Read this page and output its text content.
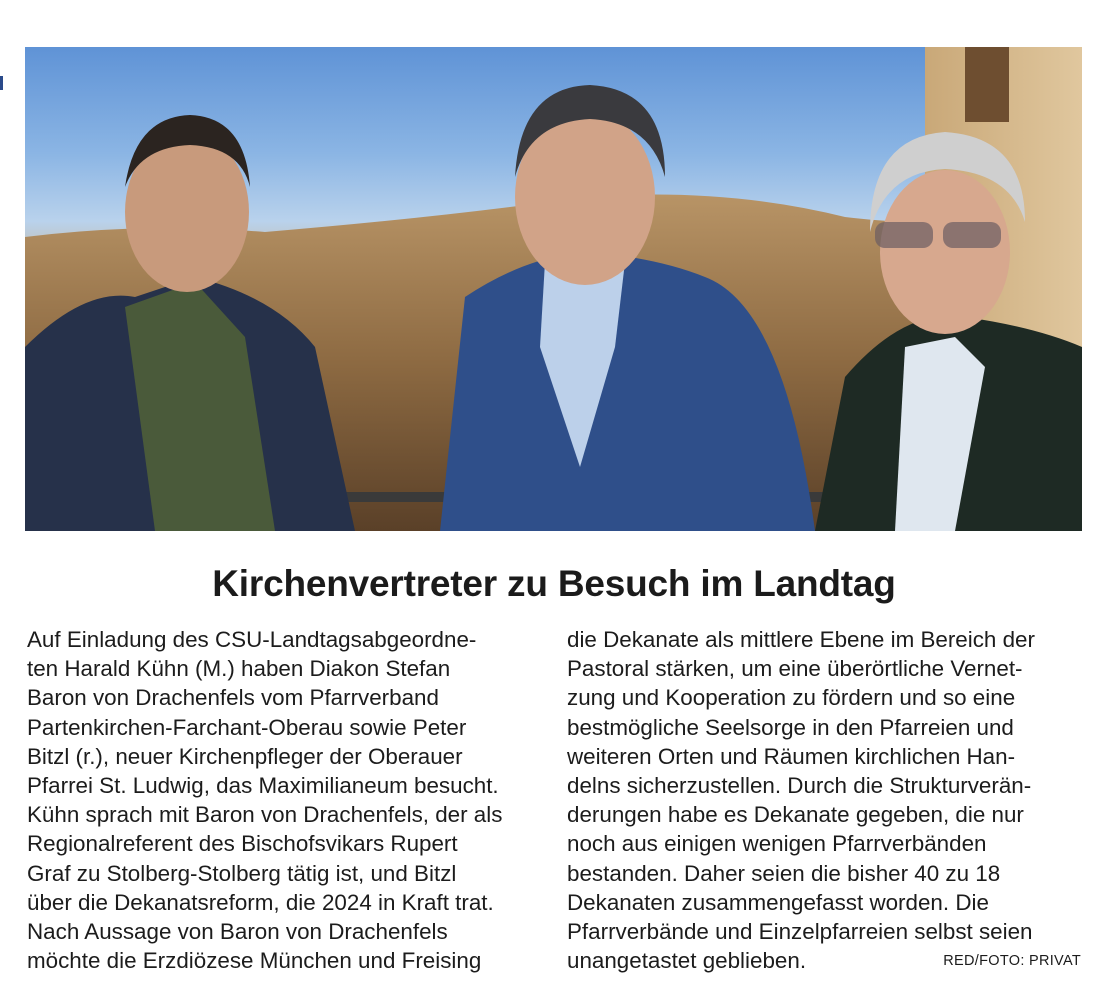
Kirchenvertreter zu Besuch im Landtag

Auf Einladung des CSU-Landtagsabgeordne-

ten Harald Kühn (M.) haben Diakon Stefan

Baron von Drachenfels vom Pfarrverband

Partenkirchen-Farchant-Oberau sowie Peter

Bitzl (r.), neuer Kirchenpfleger der Oberauer

Pfarrei St. Ludwig, das Maximilianeum besucht.

Kühn sprach mit Baron von Drachenfels, der als

Regionalreferent des Bischofsvikars Rupert

Graf zu Stolberg-Stolberg tätig ist, und Bitzl

über die Dekanatsreform, die 2024 in Kraft trat.

Nach Aussage von Baron von Drachenfels

möchte die Erzdiözese München und Freising

die Dekanate als mittlere Ebene im Bereich der

Pastoral stärken, um eine überörtliche Vernet-

zung und Kooperation zu fördern und so eine

bestmögliche Seelsorge in den Pfarreien und

weiteren Orten und Räumen kirchlichen Han-

delns sicherzustellen. Durch die Strukturverän-

derungen habe es Dekanate gegeben, die nur

noch aus einigen wenigen Pfarrverbänden

bestanden. Daher seien die bisher 40 zu 18

Dekanaten zusammengefasst worden. Die

Pfarrverbände und Einzelpfarreien selbst seien

unangetastet geblieben.	RED/FOTO: PRIVAT
